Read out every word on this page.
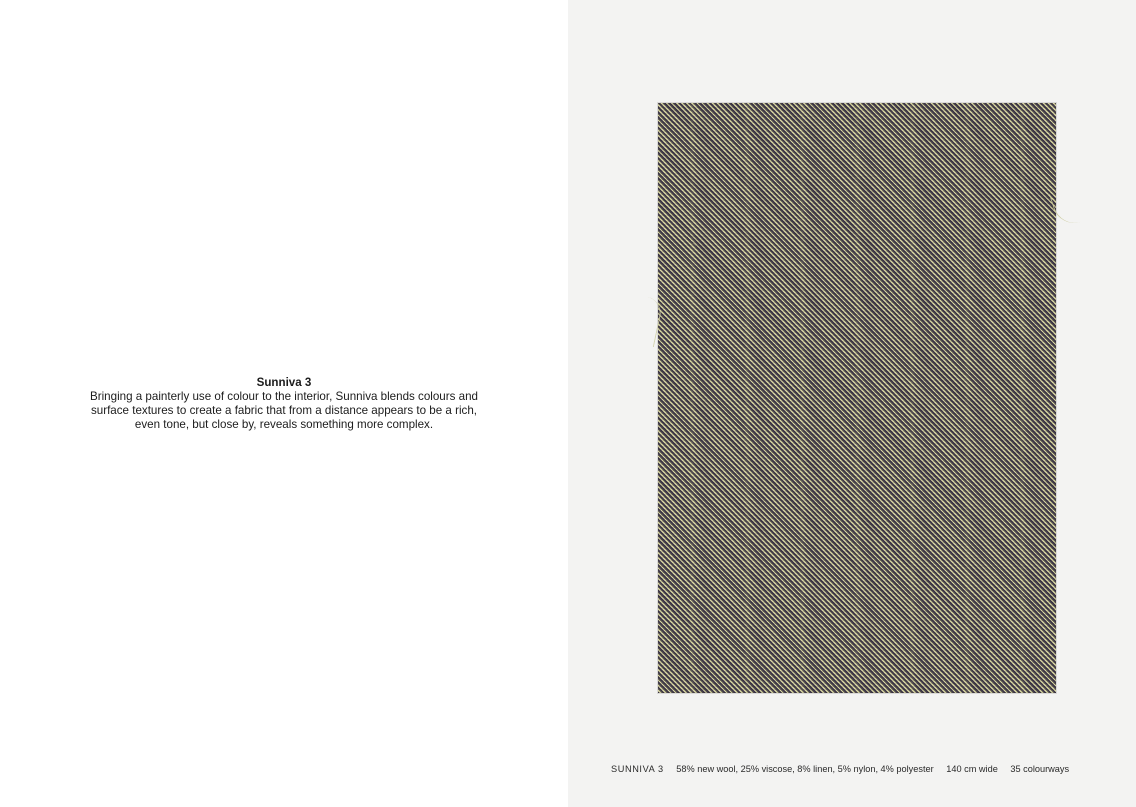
Sunniva 3
Bringing a painterly use of colour to the interior, Sunniva blends colours and surface textures to create a fabric that from a distance appears to be a rich, even tone, but close by, reveals something more complex.
SUNNIVA 3 58% new wool, 25% viscose, 8% linen, 5% nylon, 4% polyester 140 cm wide 35 colourways
